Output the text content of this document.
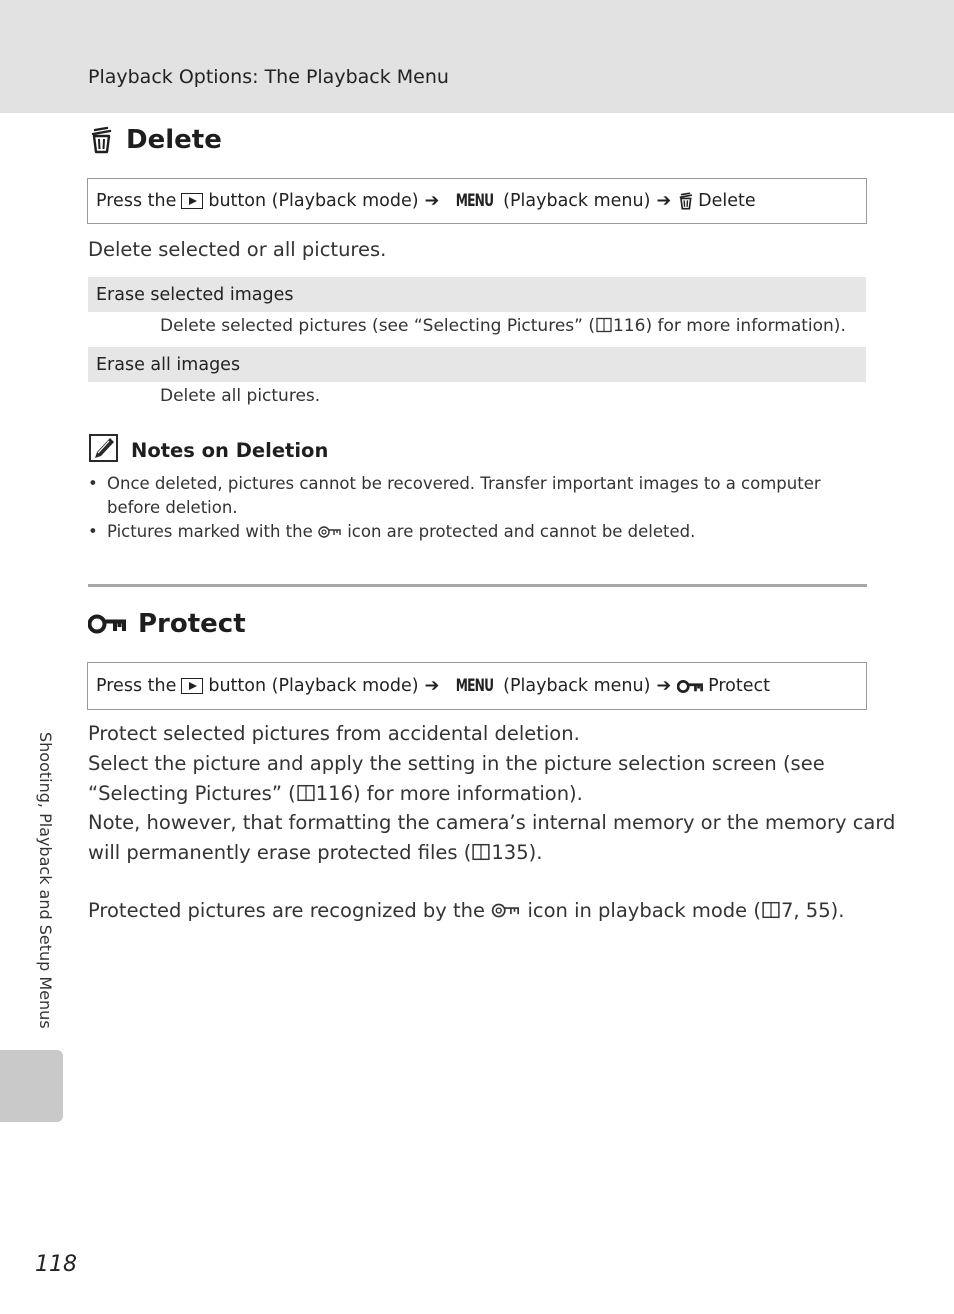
Playback Options: The Playback Menu
Delete
Press the button (Playback mode) ➔ MENU (Playback menu) ➔ Delete
Delete selected or all pictures.
Erase selected images
Delete selected pictures (see “Selecting Pictures” ( 116) for more information).
Erase all images
Delete all pictures.
Notes on Deletion
• Once deleted, pictures cannot be recovered. Transfer important images to a computer before deletion.
• Pictures marked with the icon are protected and cannot be deleted.
Protect
Press the button (Playback mode) ➔ MENU (Playback menu) ➔ Protect
Protect selected pictures from accidental deletion.
Select the picture and apply the setting in the picture selection screen (see
“Selecting Pictures” ( 116) for more information).
Note, however, that formatting the camera’s internal memory or the memory card
will permanently erase protected files ( 135).
Protected pictures are recognized by the icon in playback mode ( 7, 55).
Shooting, Playback and Setup Menus
118
